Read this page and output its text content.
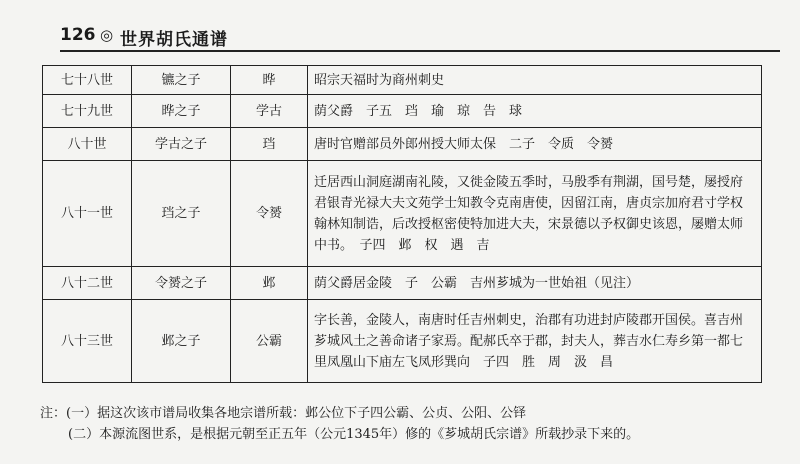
126 ◎ 世界胡氏通谱
七十八世	镳之子	晔	昭宗天福时为商州刺史
七十九世	晔之子	学古	荫父爵　子五　珰　瑜　琼　告　球
八十世	学古之子	珰	唐时官赠部员外郎州授大师太保　二子　令质　令赟
八十一世	珰之子	令赟	迁居西山洞庭湖南礼陵，又徙金陵五季时，马殷季有荆湖，国号楚，屡授府君银青光禄大夫文苑学士知教令克南唐使，因留江南，唐贞宗加府君寸学权翰林知制诰，后改授枢密使特加进大夫，宋景德以予权御史该恩，屡赠太师中书。　子四　邺　权　遇　吉
八十二世	令赟之子	邺	荫父爵居金陵　子　公霸　吉州芗城为一世始祖（见注）
八十三世	邺之子	公霸	字长善，金陵人，南唐时任吉州刺史，治郡有功进封庐陵郡开国侯。喜吉州芗城风土之善命诸子家焉。配郝氏卒于郡，封夫人，葬吉水仁寿乡第一都七里凤凰山下庙左飞凤形巽向　子四　胜　周　汲　昌
注：(一）据这次该市谱局收集各地宗谱所载：邺公位下子四公霸、公贞、公阳、公铎
(二）本源流图世系，是根据元朝至正五年（公元1345年）修的《芗城胡氏宗谱》所载抄录下来的。
